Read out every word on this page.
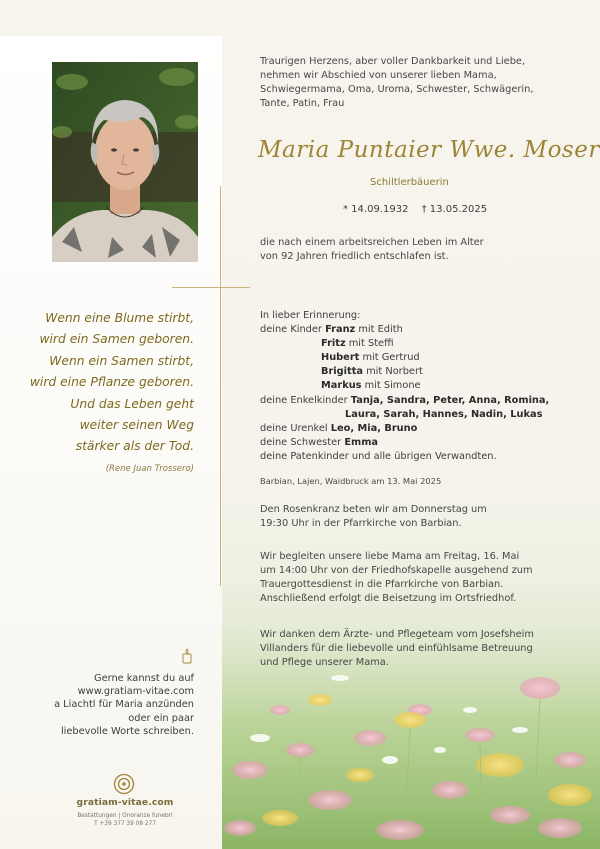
Wenn eine Blume stirbt,
wird ein Samen geboren.
Wenn ein Samen stirbt,
wird eine Pflanze geboren.
Und das Leben geht
weiter seinen Weg
stärker als der Tod.
(Rene Juan Trossero)
Gerne kannst du auf
www.gratiam-vitae.com
a Liachtl für Maria anzünden
oder ein paar
liebevolle Worte schreiben.
gratiam-vitae.com
Bestattungen | Onoranze funebri
T +39 377 39 08 277
Traurigen Herzens, aber voller Dankbarkeit und Liebe,
nehmen wir Abschied von unserer lieben Mama,
Schwiegermama, Oma, Uroma, Schwester, Schwägerin,
Tante, Patin, Frau
Maria Puntaier Wwe. Moser
Schiltlerbäuerin
* 14.09.1932 † 13.05.2025
die nach einem arbeitsreichen Leben im Alter
von 92 Jahren friedlich entschlafen ist.
In lieber Erinnerung:
deine Kinder Franz mit Edith
Fritz mit Steffi
Hubert mit Gertrud
Brigitta mit Norbert
Markus mit Simone
deine Enkelkinder Tanja, Sandra, Peter, Anna, Romina,
Laura, Sarah, Hannes, Nadin, Lukas
deine Urenkel Leo, Mia, Bruno
deine Schwester Emma
deine Patenkinder und alle übrigen Verwandten.
Barbian, Lajen, Waidbruck am 13. Mai 2025
Den Rosenkranz beten wir am Donnerstag um
19:30 Uhr in der Pfarrkirche von Barbian.
Wir begleiten unsere liebe Mama am Freitag, 16. Mai
um 14:00 Uhr von der Friedhofskapelle ausgehend zum
Trauergottesdienst in die Pfarrkirche von Barbian.
Anschließend erfolgt die Beisetzung im Ortsfriedhof.
Wir danken dem Ärzte- und Pflegeteam vom Josefsheim
Villanders für die liebevolle und einfühlsame Betreuung
und Pflege unserer Mama.
